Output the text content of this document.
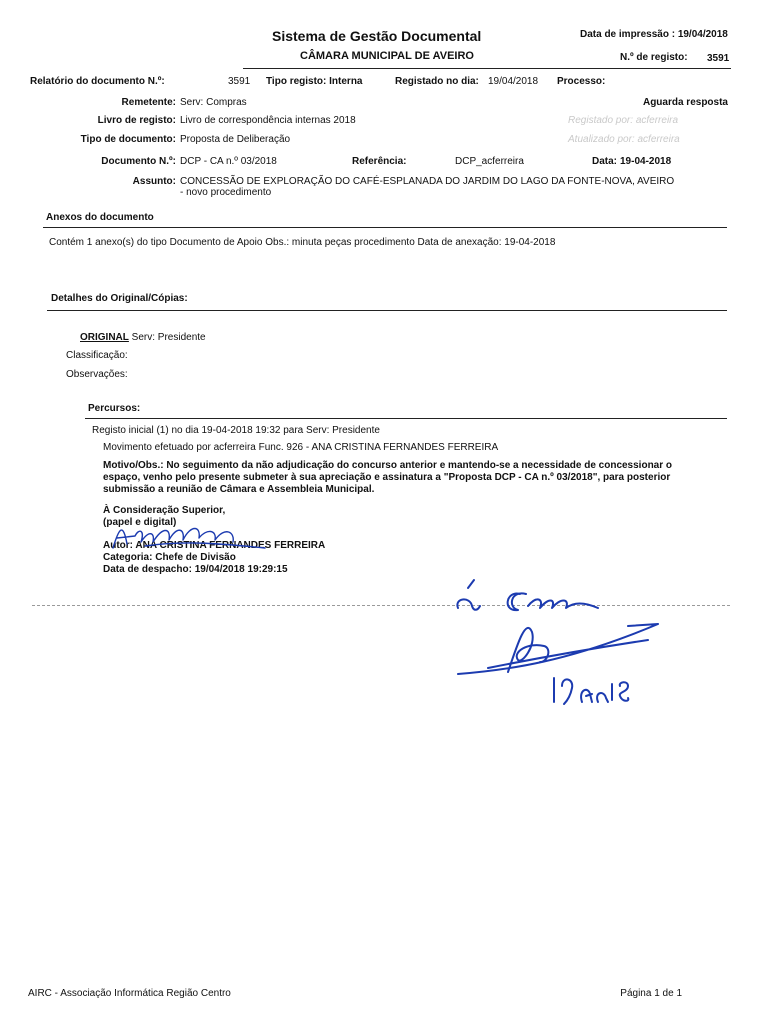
Sistema de Gestão Documental
CÂMARA MUNICIPAL DE AVEIRO
Data de impressão : 19/04/2018
N.º de registo: 3591
Relatório do documento N.º:	3591 Tipo registo: Interna	Registado no dia: 19/04/2018 Processo:
Remetente: Serv: Compras	Aguarda resposta
Livro de registo: Livro de correspondência internas 2018	Registado por: acferreira
Tipo de documento: Proposta de Deliberação	Atualizado por: acferreira
Documento N.º: DCP - CA n.º 03/2018	Referência:	DCP_acferreira	Data: 19-04-2018
Assunto: CONCESSÃO DE EXPLORAÇÃO DO CAFÉ-ESPLANADA DO JARDIM DO LAGO DA FONTE-NOVA, AVEIRO
- novo procedimento
Anexos do documento
Contém 1 anexo(s) do tipo Documento de Apoio Obs.: minuta peças procedimento Data de anexação: 19-04-2018
Detalhes do Original/Cópias:
ORIGINAL Serv: Presidente
Classificação:
Observações:
Percursos:
Registo inicial (1) no dia 19-04-2018 19:32 para Serv: Presidente
Movimento efetuado por acferreira Func. 926 - ANA CRISTINA FERNANDES FERREIRA
Motivo/Obs.: No seguimento da não adjudicação do concurso anterior e mantendo-se a necessidade de concessionar o
espaço, venho pelo presente submeter à sua apreciação e assinatura a "Proposta DCP - CA n.º 03/2018", para posterior
submissão a reunião de Câmara e Assembleia Municipal.
À Consideração Superior,
(papel e digital)
Autor: ANA CRISTINA FERNANDES FERREIRA
Categoria: Chefe de Divisão
Data de despacho: 19/04/2018 19:29:15
AIRC - Associação Informática Região Centro	Página 1 de 1
